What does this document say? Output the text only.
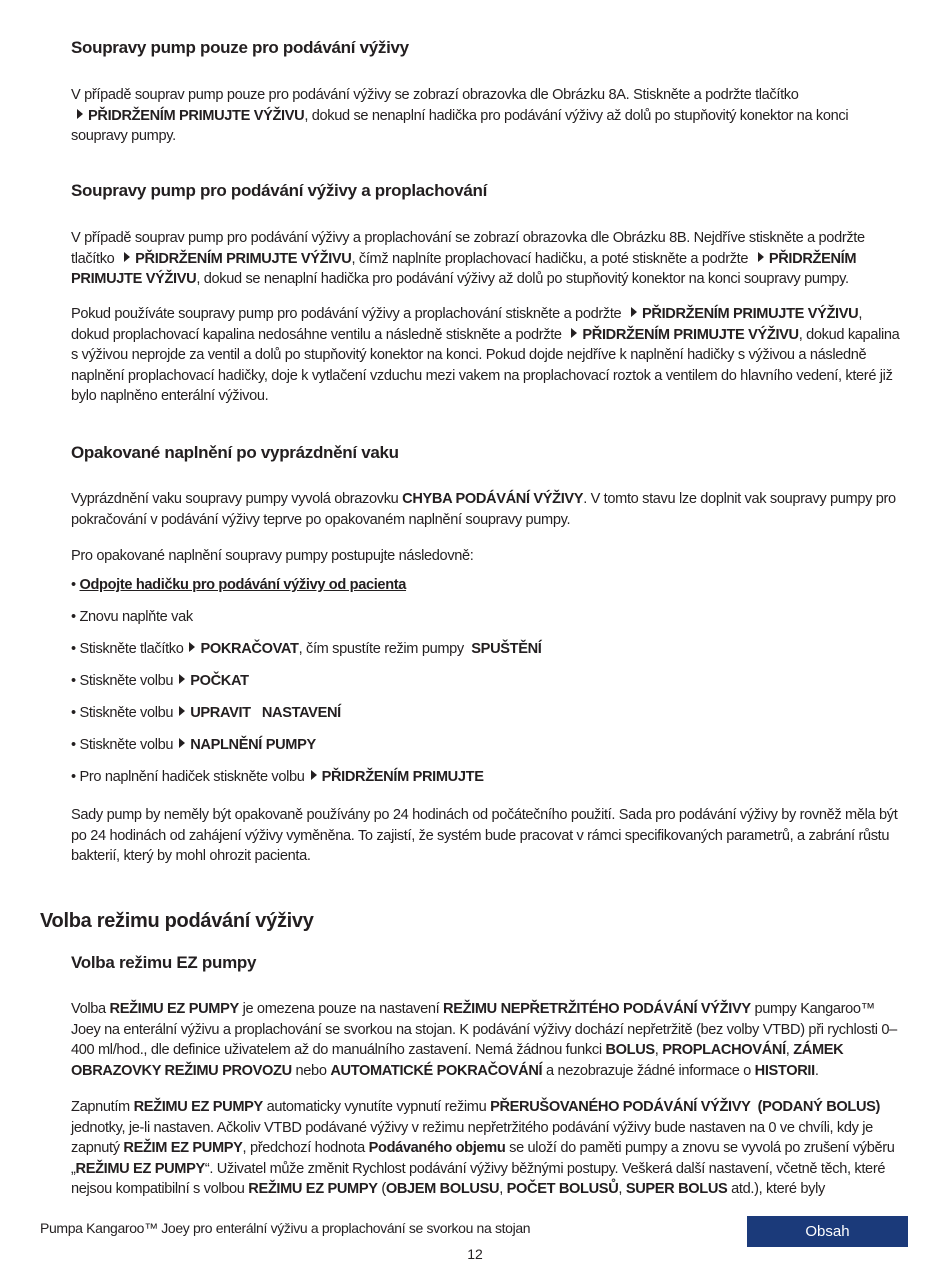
Soupravy pump pouze pro podávání výživy

V případě souprav pump pouze pro podávání výživy se zobrazí obrazovka dle Obrázku 8A. Stiskněte a podržte tlačítko
PŘIDRŽENÍM PRIMUJTE VÝŽIVU, dokud se nenaplní hadička pro podávání výživy až dolů po stupňovitý konektor na konci soupravy pumpy.

Soupravy pump pro podávání výživy a proplachování

V případě souprav pump pro podávání výživy a proplachování se zobrazí obrazovka dle Obrázku 8B. Nejdříve stiskněte a podržte tlačítko PŘIDRŽENÍM PRIMUJTE VÝŽIVU, čímž naplníte proplachovací hadičku, a poté stiskněte a podržte PŘIDRŽENÍM PRIMUJTE VÝŽIVU, dokud se nenaplní hadička pro podávání výživy až dolů po stupňovitý konektor na konci soupravy pumpy.

Pokud používáte soupravy pump pro podávání výživy a proplachování stiskněte a podržte PŘIDRŽENÍM PRIMUJTE VÝŽIVU, dokud proplachovací kapalina nedosáhne ventilu a následně stiskněte a podržte PŘIDRŽENÍM PRIMUJTE VÝŽIVU, dokud kapalina s výživou neprojde za ventil a dolů po stupňovitý konektor na konci. Pokud dojde nejdříve k naplnění hadičky s výživou a následně naplnění proplachovací hadičky, doje k vytlačení vzduchu mezi vakem na proplachovací roztok a ventilem do hlavního vedení, které již bylo naplněno enterální výživou.

Opakované naplnění po vyprázdnění vaku

Vyprázdnění vaku soupravy pumpy vyvolá obrazovku CHYBA PODÁVÁNÍ VÝŽIVY. V tomto stavu lze doplnit vak soupravy pumpy pro pokračování v podávání výživy teprve po opakovaném naplnění soupravy pumpy.

Pro opakované naplnění soupravy pumpy postupujte následovně:

• Odpojte hadičku pro podávání výživy od pacienta
• Znovu naplňte vak
• Stiskněte tlačítko POKRAČOVAT, čím spustíte režim pumpy SPUŠTĚNÍ
• Stiskněte volbu POČKAT
• Stiskněte volbu UPRAVIT   NASTAVENÍ
• Stiskněte volbu NAPLNĚNÍ PUMPY
• Pro naplnění hadiček stiskněte volbu PŘIDRŽENÍM PRIMUJTE

Sady pump by neměly být opakovaně používány po 24 hodinách od počátečního použití. Sada pro podávání výživy by rovněž měla být po 24 hodinách od zahájení výživy vyměněna. To zajistí, že systém bude pracovat v rámci specifikovaných parametrů, a zabrání růstu bakterií, který by mohl ohrozit pacienta.

Volba režimu podávání výživy
Volba režimu EZ pumpy

Volba REŽIMU EZ PUMPY je omezena pouze na nastavení REŽIMU NEPŘETRŽITÉHO PODÁVÁNÍ VÝŽIVY pumpy Kangaroo™ Joey na enterální výživu a proplachování se svorkou na stojan. K podávání výživy dochází nepřetržitě (bez volby VTBD) při rychlosti 0–400 ml/hod., dle definice uživatelem až do manuálního zastavení. Nemá žádnou funkci BOLUS, PROPLACHOVÁNÍ, ZÁMEK OBRAZOVKY REŽIMU PROVOZU nebo AUTOMATICKÉ POKRAČOVÁNÍ a nezobrazuje žádné informace o HISTORII.

Zapnutím REŽIMU EZ PUMPY automaticky vynutíte vypnutí režimu PŘERUŠOVANÉHO PODÁVÁNÍ VÝŽIVY  (PODANÝ BOLUS) jednotky, je-li nastaven. Ačkoliv VTBD podávané výživy v režimu nepřetržitého podávání výživy bude nastaven na 0 ve chvíli, kdy je zapnutý REŽIM EZ PUMPY, předchozí hodnota Podávaného objemu se uloží do paměti pumpy a znovu se vyvolá po zrušení výběru „REŽIMU EZ PUMPY“. Uživatel může změnit Rychlost podávání výživy běžnými postupy. Veškerá další nastavení, včetně těch, které nejsou kompatibilní s volbou REŽIMU EZ PUMPY (OBJEM BOLUSU, POČET BOLUSŮ, SUPER BOLUS atd.), které byly

Pumpa Kangaroo™ Joey pro enterální výživu a proplachování se svorkou na stojan	Obsah
12
